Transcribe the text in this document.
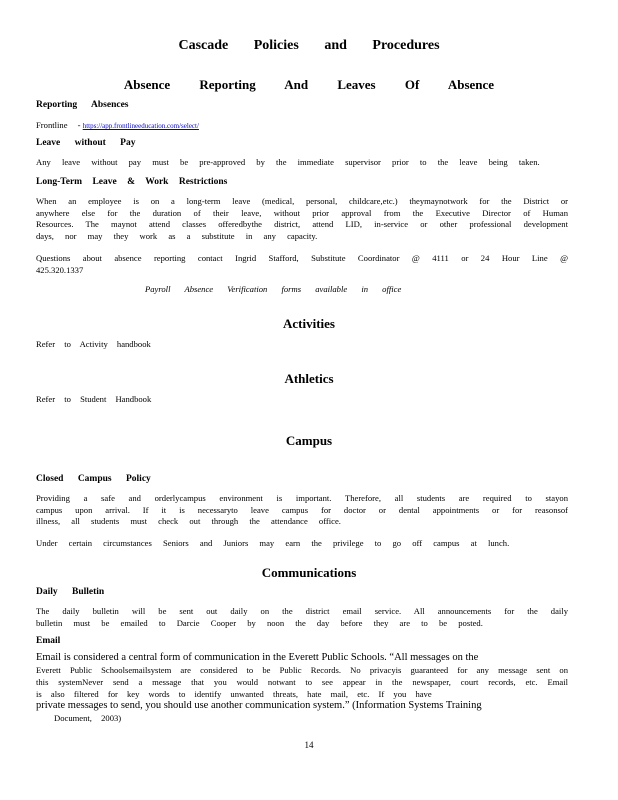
Cascade Policies and Procedures
Absence Reporting And Leaves Of Absence
Reporting Absences
Frontline - https://app.frontlineeducation.com/select/
Leave without Pay
Any leave without pay must be pre-approved by the immediate supervisor prior to the leave being taken.
Long-Term Leave & Work Restrictions
When an employee is on a long-term leave (medical, personal, childcare,etc.) theymaynotwork for the District or anywhere else for the duration of their leave, without prior approval from the Executive Director of Human Resources. The maynot attend classes offeredbythe district, attend LID, in-service or other professional development days, nor may they work as a substitute in any capacity.
Questions about absence reporting contact Ingrid Stafford, Substitute Coordinator @ 4111 or 24 Hour Line @ 425.320.1337
Payroll Absence Verification forms available in office
Activities
Refer to Activity handbook
Athletics
Refer to Student Handbook
Campus
Closed Campus Policy
Providing a safe and orderlycampus environment is important. Therefore, all students are required to stayon campus upon arrival. If it is necessaryto leave campus for doctor or dental appointments or for reasonsof illness, all students must check out through the attendance office.
Under certain circumstances Seniors and Juniors may earn the privilege to go off campus at lunch.
Communications
Daily Bulletin
The daily bulletin will be sent out daily on the district email service. All announcements for the daily bulletin must be emailed to Darcie Cooper by noon the day before they are to be posted.
Email
Email is considered a central form of communication in the Everett Public Schools. “All messages on the
Everett Public Schoolsemailsystem are considered to be Public Records. No privacyis guaranteed for any message sent on this systemNever send a message that you would notwant to see appear in the newspaper, court records, etc. Email is also filtered for key words to identify unwanted threats, hate mail, etc. If you have
private messages to send, you should use another communication system.” (Information Systems Training
Document, 2003)
14
